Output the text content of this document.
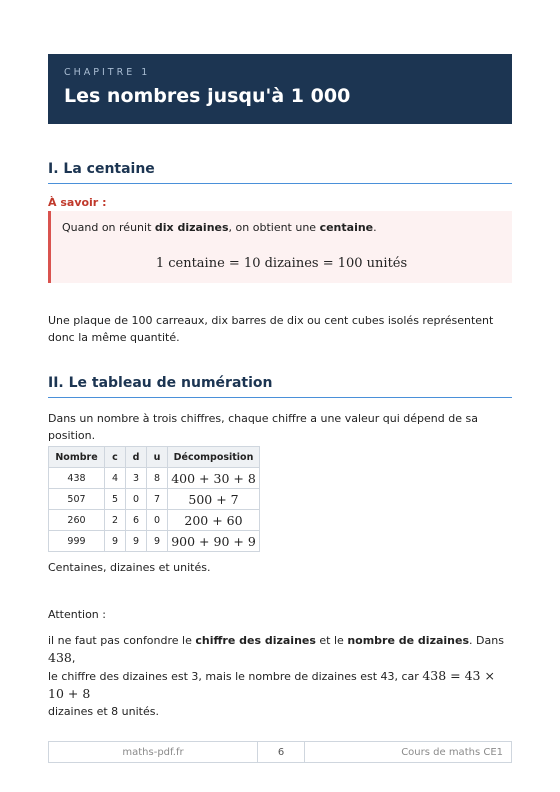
CHAPITRE 1
Les nombres jusqu'à 1 000
I. La centaine
À savoir :
Quand on réunit dix dizaines, on obtient une centaine.
1 centaine = 10 dizaines = 100 unités
Une plaque de 100 carreaux, dix barres de dix ou cent cubes isolés représentent donc la même quantité.
II. Le tableau de numération
Dans un nombre à trois chiffres, chaque chiffre a une valeur qui dépend de sa position.
Nombre	c	d	u	Décomposition
438	4	3	8	400 + 30 + 8
507	5	0	7	500 + 7
260	2	6	0	200 + 60
999	9	9	9	900 + 90 + 9
Centaines, dizaines et unités.
Attention :
il ne faut pas confondre le chiffre des dizaines et le nombre de dizaines. Dans 438,
le chiffre des dizaines est 3, mais le nombre de dizaines est 43, car 438 = 43 × 10 + 8
dizaines et 8 unités.
maths-pdf.fr	6	Cours de maths CE1
